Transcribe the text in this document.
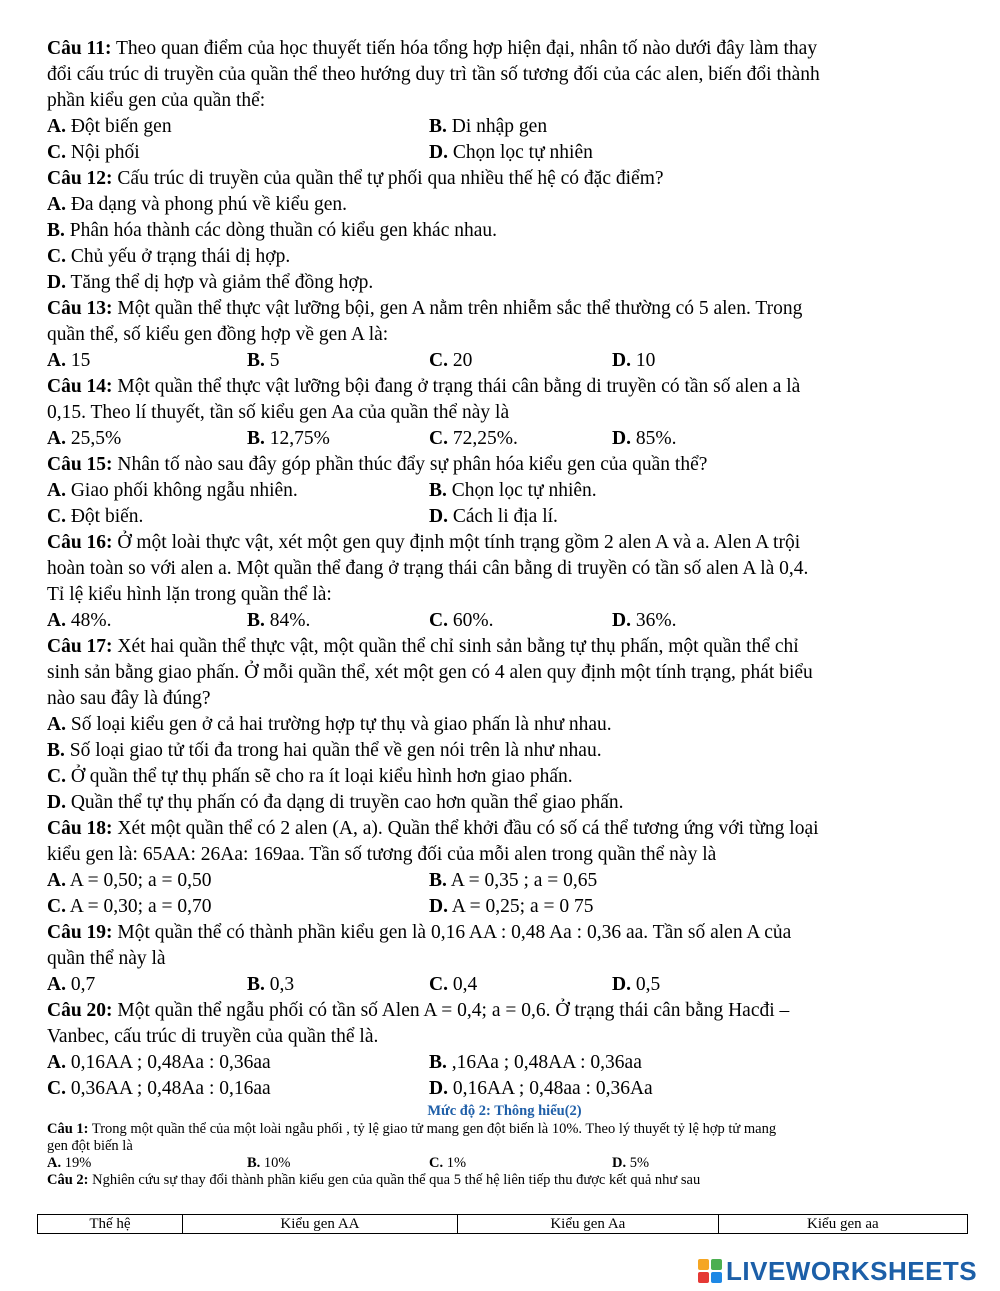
Câu 11: Theo quan điểm của học thuyết tiến hóa tổng hợp hiện đại, nhân tố nào dưới đây làm thay
đổi cấu trúc di truyền của quần thể theo hướng duy trì tần số tương đối của các alen, biến đổi thành
phần kiểu gen của quần thể:
A. Đột biến gen	B. Di nhập gen
C. Nội phối	D. Chọn lọc tự nhiên
Câu 12: Cấu trúc di truyền của quần thể tự phối qua nhiều thế hệ có đặc điểm?
A. Đa dạng và phong phú về kiểu gen.
B. Phân hóa thành các dòng thuần có kiểu gen khác nhau.
C. Chủ yếu ở trạng thái dị hợp.
D. Tăng thể dị hợp và giảm thể đồng hợp.
Câu 13: Một quần thể thực vật lưỡng bội, gen A nằm trên nhiễm sắc thể thường có 5 alen. Trong
quần thể, số kiểu gen đồng hợp về gen A là:
A. 15	B. 5	C. 20	D. 10
Câu 14: Một quần thể thực vật lưỡng bội đang ở trạng thái cân bằng di truyền có tần số alen a là
0,15. Theo lí thuyết, tần số kiểu gen Aa của quần thể này là
A. 25,5%	B. 12,75%	C. 72,25%.	D. 85%.
Câu 15: Nhân tố nào sau đây góp phần thúc đẩy sự phân hóa kiểu gen của quần thể?
A. Giao phối không ngẫu nhiên.	B. Chọn lọc tự nhiên.
C. Đột biến.	D. Cách li địa lí.
Câu 16: Ở một loài thực vật, xét một gen quy định một tính trạng gồm 2 alen A và a. Alen A trội
hoàn toàn so với alen a. Một quần thể đang ở trạng thái cân bằng di truyền có tần số alen A là 0,4.
Tỉ lệ kiểu hình lặn trong quần thể là:
A. 48%.	B. 84%.	C. 60%.	D. 36%.
Câu 17: Xét hai quần thể thực vật, một quần thể chỉ sinh sản bằng tự thụ phấn, một quần thể chỉ
sinh sản bằng giao phấn. Ở mỗi quần thể, xét một gen có 4 alen quy định một tính trạng, phát biểu
nào sau đây là đúng?
A. Số loại kiểu gen ở cả hai trường hợp tự thụ và giao phấn là như nhau.
B. Số loại giao tử tối đa trong hai quần thể về gen nói trên là như nhau.
C. Ở quần thể tự thụ phấn sẽ cho ra ít loại kiểu hình hơn giao phấn.
D. Quần thể tự thụ phấn có đa dạng di truyền cao hơn quần thể giao phấn.
Câu 18: Xét một quần thể có 2 alen (A, a). Quần thể khởi đầu có số cá thể tương ứng với từng loại
kiểu gen là: 65AA: 26Aa: 169aa. Tần số tương đối của mỗi alen trong quần thể này là
A. A = 0,50; a = 0,50	B. A = 0,35 ; a = 0,65
C. A = 0,30; a = 0,70	D. A = 0,25; a = 0 75
Câu 19: Một quần thể có thành phần kiểu gen là 0,16 AA : 0,48 Aa : 0,36 aa. Tần số alen A của
quần thể này là
A. 0,7	B. 0,3	C. 0,4	D. 0,5
Câu 20: Một quần thể ngẫu phối có tần số Alen A = 0,4; a = 0,6. Ở trạng thái cân bằng Hacđi –
Vanbec, cấu trúc di truyền của quần thể là.
A. 0,16AA ; 0,48Aa : 0,36aa	B. ,16Aa ; 0,48AA : 0,36aa
C. 0,36AA ; 0,48Aa : 0,16aa	D. 0,16AA ; 0,48aa : 0,36Aa
Mức độ 2: Thông hiểu(2)
Câu 1: Trong một quần thể của một loài ngẫu phối , tỷ lệ giao tử mang gen đột biến là 10%. Theo lý thuyết tỷ lệ hợp tử mang
gen đột biến là
A. 19%	B. 10%	C. 1%	D. 5%
Câu 2: Nghiên cứu sự thay đổi thành phần kiểu gen của quần thể qua 5 thế hệ liên tiếp thu được kết quả như sau
Thế hệ	Kiểu gen AA	Kiểu gen Aa	Kiểu gen aa
LIVEWORKSHEETS
